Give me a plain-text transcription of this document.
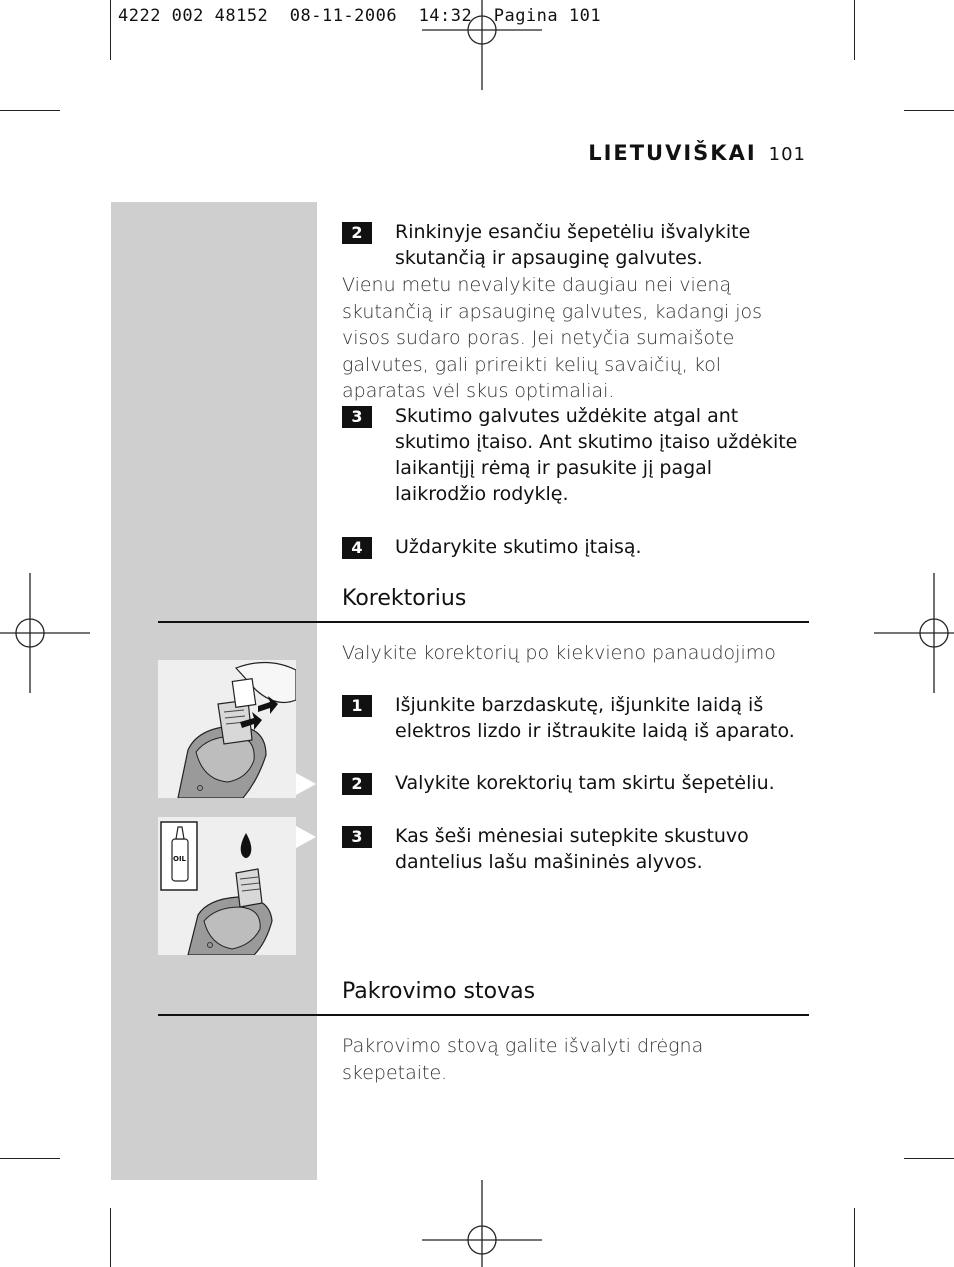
4222 002 48152  08-11-2006  14:32  Pagina 101
LIETUVIŠKAI 101
OIL
2	Rinkinyje esančiu šepetėliu išvalykite skutančią ir apsauginę galvutes.
Vienu metu nevalykite daugiau nei vieną skutančią ir apsauginę galvutes, kadangi jos visos sudaro poras. Jei netyčia sumaišote galvutes, gali prireikti kelių savaičių, kol aparatas vėl skus optimaliai.
3	Skutimo galvutes uždėkite atgal ant skutimo įtaiso. Ant skutimo įtaiso uždėkite laikantįjį rėmą ir pasukite jį pagal laikrodžio rodyklę.
4	Uždarykite skutimo įtaisą.
Korektorius
Valykite korektorių po kiekvieno panaudojimo
1	Išjunkite barzdaskutę, išjunkite laidą iš elektros lizdo ir ištraukite laidą iš aparato.
2	Valykite korektorių tam skirtu šepetėliu.
3	Kas šeši mėnesiai sutepkite skustuvo dantelius lašu mašininės alyvos.
Pakrovimo stovas
Pakrovimo stovą galite išvalyti drėgna skepetaite.
